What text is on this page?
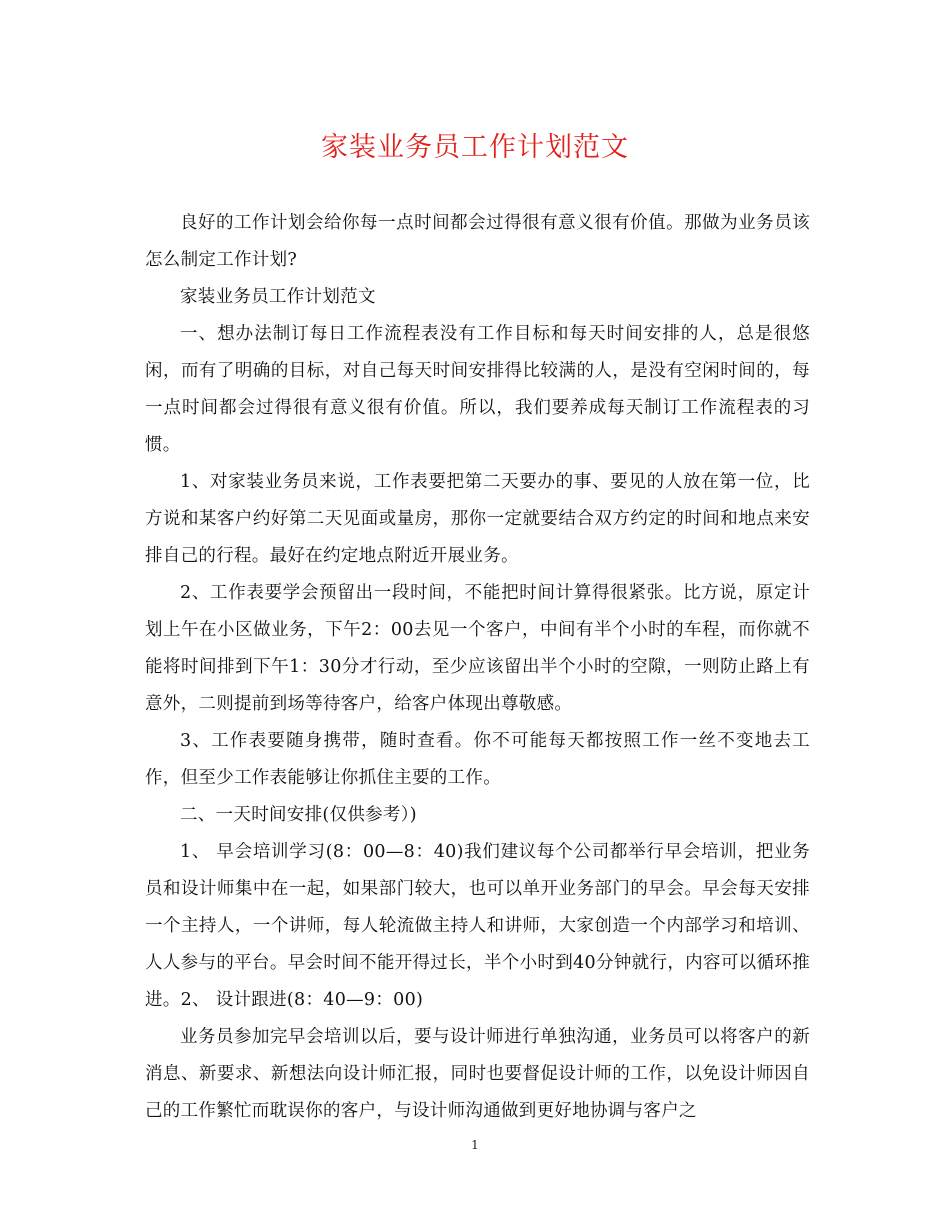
家装业务员工作计划范文

良好的工作计划会给你每一点时间都会过得很有意义很有价值。那做为业务员该怎么制定工作计划?

家装业务员工作计划范文

一、想办法制订每日工作流程表没有工作目标和每天时间安排的人，总是很悠闲，而有了明确的目标，对自己每天时间安排得比较满的人，是没有空闲时间的，每一点时间都会过得很有意义很有价值。所以，我们要养成每天制订工作流程表的习惯。

1、对家装业务员来说，工作表要把第二天要办的事、要见的人放在第一位，比方说和某客户约好第二天见面或量房，那你一定就要结合双方约定的时间和地点来安排自己的行程。最好在约定地点附近开展业务。

2、工作表要学会预留出一段时间，不能把时间计算得很紧张。比方说，原定计划上午在小区做业务，下午2：00去见一个客户，中间有半个小时的车程，而你就不能将时间排到下午1：30分才行动，至少应该留出半个小时的空隙，一则防止路上有意外，二则提前到场等待客户，给客户体现出尊敬感。

3、工作表要随身携带，随时查看。你不可能每天都按照工作一丝不变地去工作，但至少工作表能够让你抓住主要的工作。

二、一天时间安排(仅供参考）)

1、 早会培训学习(8：00—8：40)我们建议每个公司都举行早会培训，把业务员和设计师集中在一起，如果部门较大，也可以单开业务部门的早会。早会每天安排一个主持人，一个讲师，每人轮流做主持人和讲师，大家创造一个内部学习和培训、人人参与的平台。早会时间不能开得过长，半个小时到40分钟就行，内容可以循环推进。2、 设计跟进(8：40—9：00)

业务员参加完早会培训以后，要与设计师进行单独沟通，业务员可以将客户的新消息、新要求、新想法向设计师汇报，同时也要督促设计师的工作，以免设计师因自己的工作繁忙而耽误你的客户，与设计师沟通做到更好地协调与客户之

1
